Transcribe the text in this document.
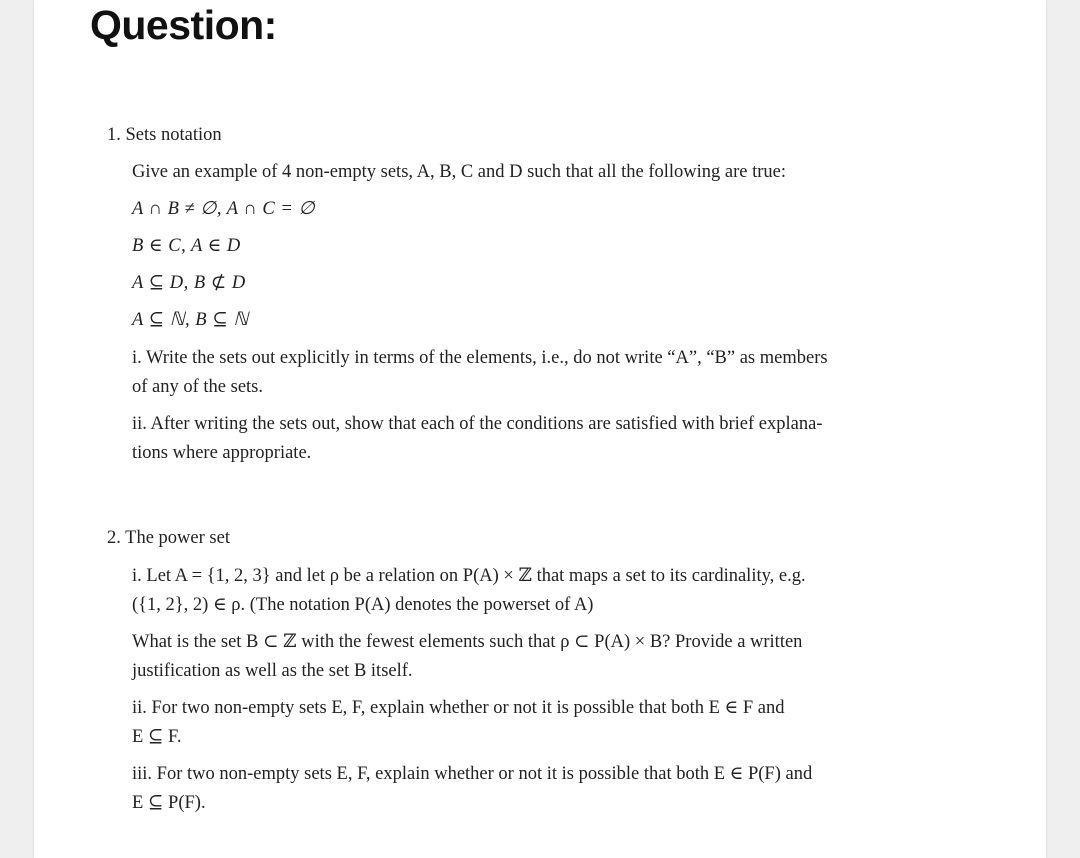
Question:
1. Sets notation
Give an example of 4 non-empty sets, A, B, C and D such that all the following are true:
A ∩ B ≠ ∅, A ∩ C = ∅
B ∈ C, A ∈ D
A ⊆ D, B ⊄ D
A ⊆ ℕ, B ⊆ ℕ
i. Write the sets out explicitly in terms of the elements, i.e., do not write “A”, “B” as members
of any of the sets.
ii. After writing the sets out, show that each of the conditions are satisfied with brief explana-
tions where appropriate.
2. The power set
i. Let A = {1, 2, 3} and let ρ be a relation on P(A) × ℤ that maps a set to its cardinality, e.g.
({1, 2}, 2) ∈ ρ. (The notation P(A) denotes the powerset of A)
What is the set B ⊂ ℤ with the fewest elements such that ρ ⊂ P(A) × B? Provide a written
justification as well as the set B itself.
ii. For two non-empty sets E, F, explain whether or not it is possible that both E ∈ F and
E ⊆ F.
iii. For two non-empty sets E, F, explain whether or not it is possible that both E ∈ P(F) and
E ⊆ P(F).
